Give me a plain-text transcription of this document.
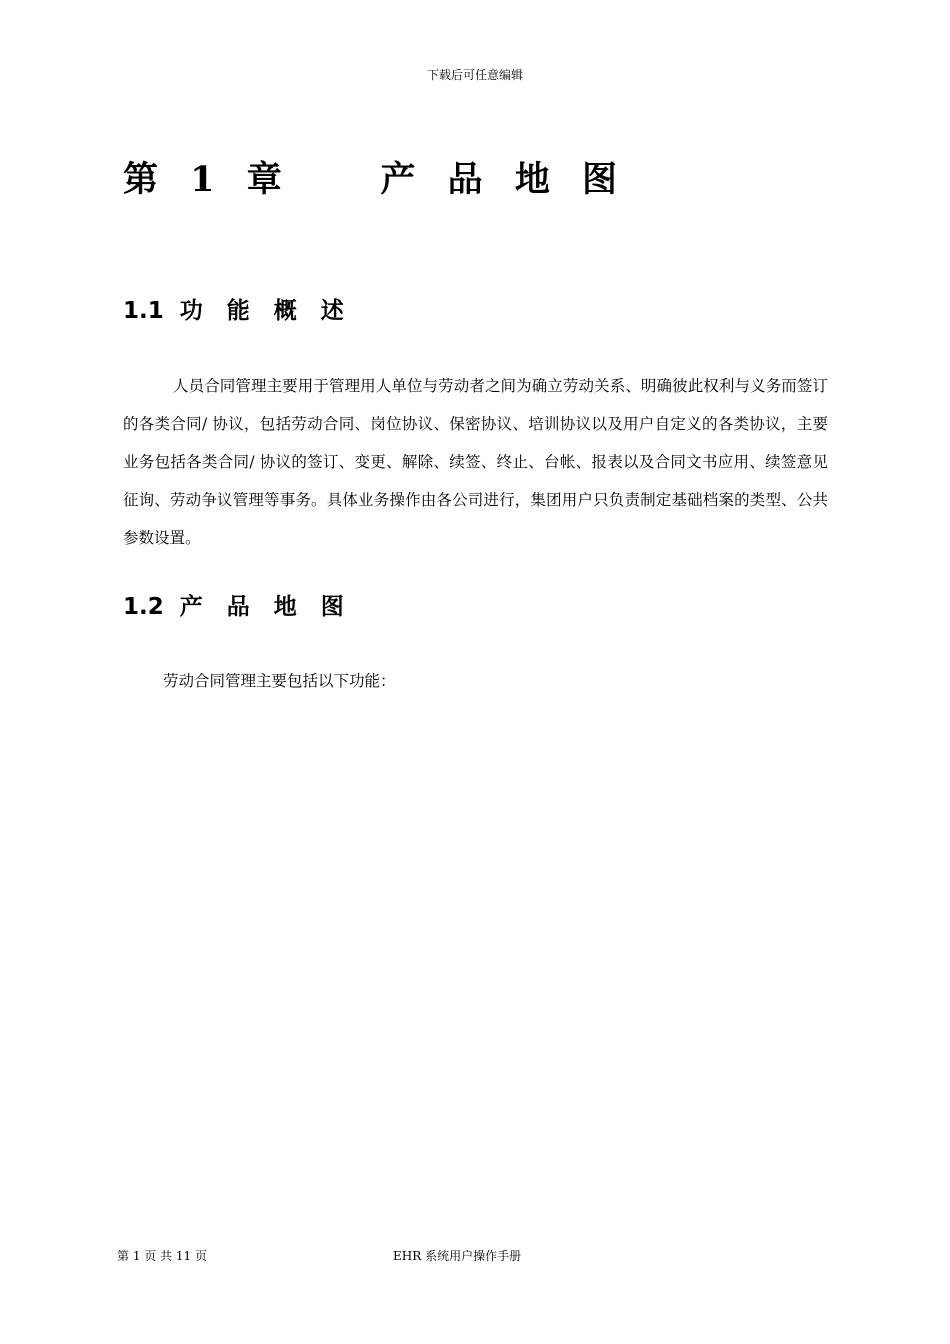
下载后可任意编辑
第 1 章    产 品 地 图
1.1 功 能 概 述

人员合同管理主要用于管理用人单位与劳动者之间为确立劳动关系、明确彼此权利与义务而签订的各类合同/ 协议，包括劳动合同、岗位协议、保密协议、培训协议以及用户自定义的各类协议，主要业务包括各类合同/ 协议的签订、变更、解除、续签、终止、台帐、报表以及合同文书应用、续签意见征询、劳动争议管理等事务。具体业务操作由各公司进行，集团用户只负责制定基础档案的类型、公共参数设置。

1.2 产 品 地 图

劳动合同管理主要包括以下功能：

第 1 页 共 11 页	EHR 系统用户操作手册
